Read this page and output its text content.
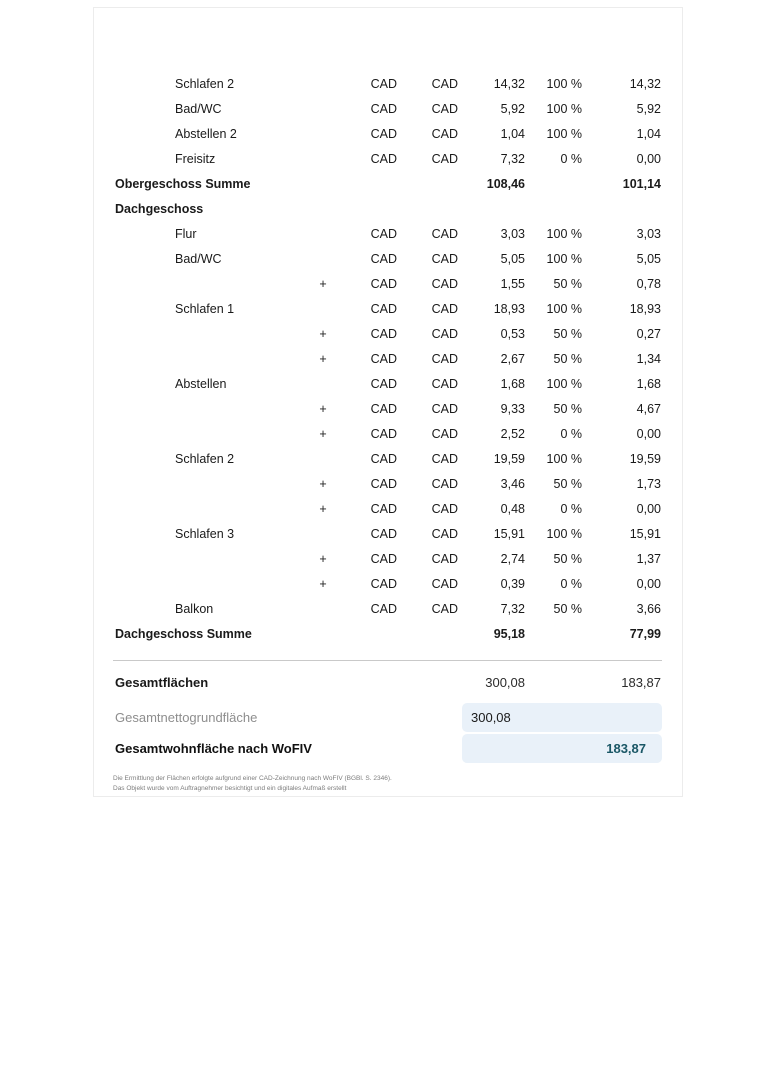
Schlafen 2	CAD	CAD	14,32	100 %	14,32
Bad/WC	CAD	CAD	5,92	100 %	5,92
Abstellen 2	CAD	CAD	1,04	100 %	1,04
Freisitz	CAD	CAD	7,32	0 %	0,00
Obergeschoss Summe	108,46	101,14
Dachgeschoss
Flur	CAD	CAD	3,03	100 %	3,03
Bad/WC	CAD	CAD	5,05	100 %	5,05
+	CAD	CAD	1,55	50 %	0,78
Schlafen 1	CAD	CAD	18,93	100 %	18,93
+	CAD	CAD	0,53	50 %	0,27
+	CAD	CAD	2,67	50 %	1,34
Abstellen	CAD	CAD	1,68	100 %	1,68
+	CAD	CAD	9,33	50 %	4,67
+	CAD	CAD	2,52	0 %	0,00
Schlafen 2	CAD	CAD	19,59	100 %	19,59
+	CAD	CAD	3,46	50 %	1,73
+	CAD	CAD	0,48	0 %	0,00
Schlafen 3	CAD	CAD	15,91	100 %	15,91
+	CAD	CAD	2,74	50 %	1,37
+	CAD	CAD	0,39	0 %	0,00
Balkon	CAD	CAD	7,32	50 %	3,66
Dachgeschoss Summe	95,18	77,99
Gesamtflächen	300,08	183,87
Gesamtnettogrundfläche	300,08
Gesamtwohnfläche nach WoFIV	183,87
Die Ermittlung der Flächen erfolgte aufgrund einer CAD-Zeichnung nach WoFIV (BGBl. S. 2346).
Das Objekt wurde vom Auftragnehmer besichtigt und ein digitales Aufmaß erstellt
